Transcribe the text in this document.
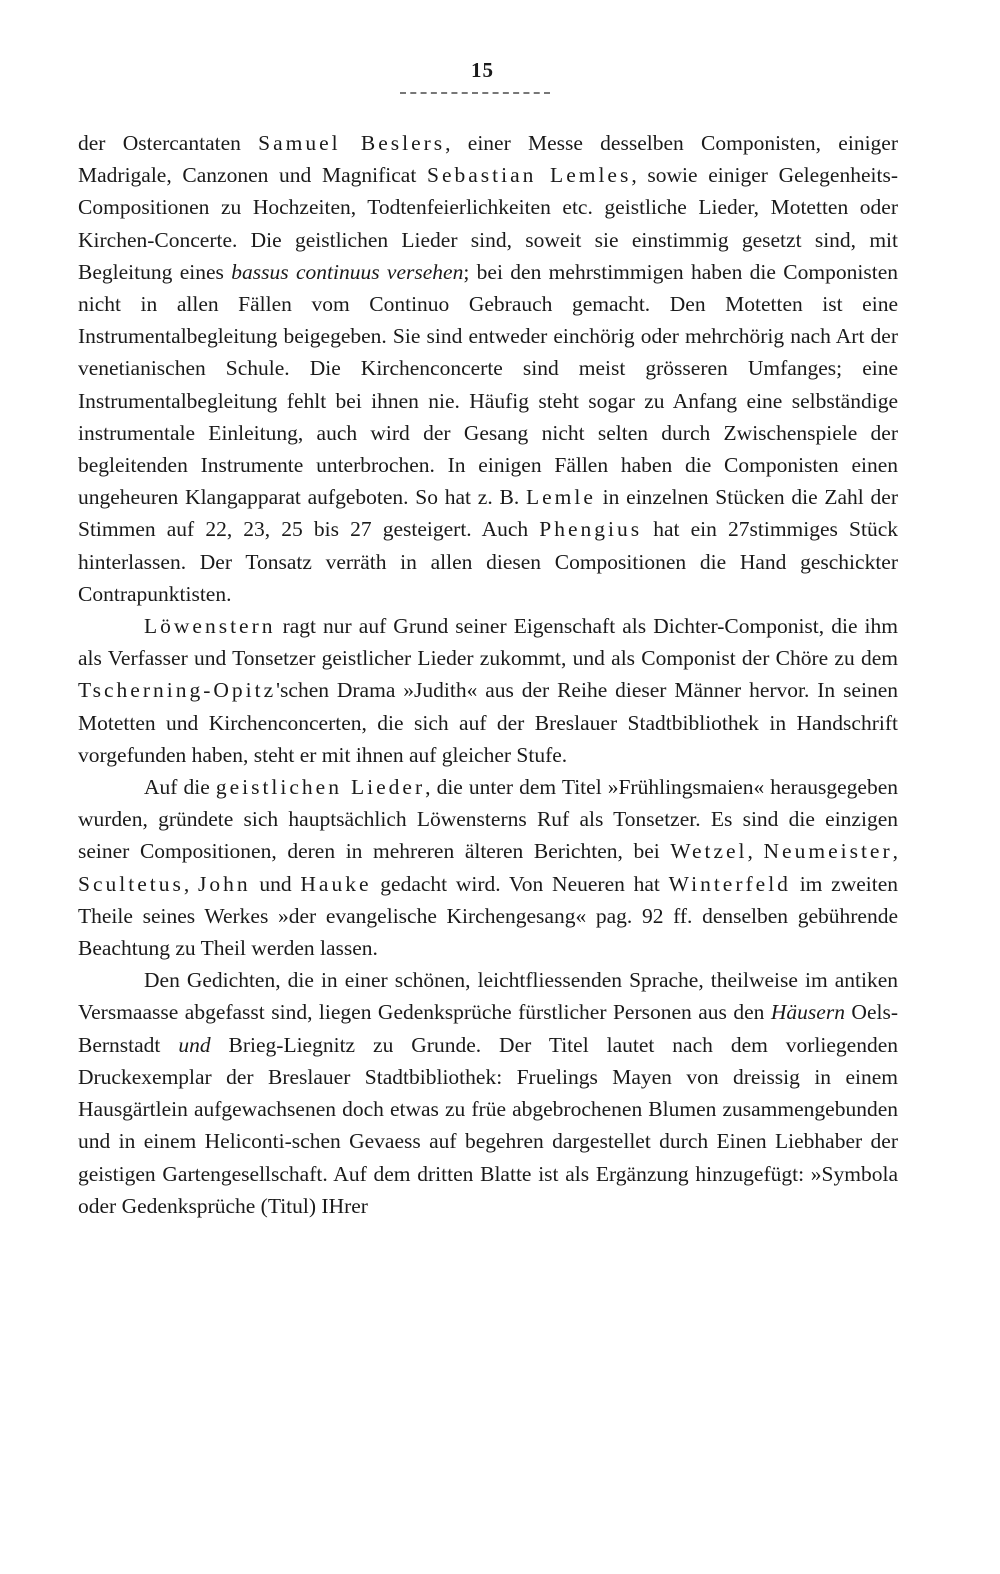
15

der Ostercantaten Samuel Beslers, einer Messe desselben Componisten, einiger Madrigale, Canzonen und Magnificat Sebastian Lemles, sowie einiger Gelegenheits-Compositionen zu Hochzeiten, Todtenfeierlichkeiten etc. geistliche Lieder, Motetten oder Kirchen-Concerte. Die geistlichen Lieder sind, soweit sie einstimmig gesetzt sind, mit Begleitung eines bassus continuus versehen; bei den mehrstimmigen haben die Componisten nicht in allen Fällen vom Continuo Gebrauch gemacht. Den Motetten ist eine Instrumentalbegleitung beigegeben. Sie sind entweder einchörig oder mehrchörig nach Art der venetianischen Schule. Die Kirchenconcerte sind meist grösseren Umfanges; eine Instrumentalbegleitung fehlt bei ihnen nie. Häufig steht sogar zu Anfang eine selbständige instrumentale Einleitung, auch wird der Gesang nicht selten durch Zwischenspiele der begleitenden Instrumente unterbrochen. In einigen Fällen haben die Componisten einen ungeheuren Klangapparat aufgeboten. So hat z. B. Lemle in einzelnen Stücken die Zahl der Stimmen auf 22, 23, 25 bis 27 gesteigert. Auch Phengius hat ein 27stimmiges Stück hinterlassen. Der Tonsatz verräth in allen diesen Compositionen die Hand geschickter Contrapunktisten.

Löwenstern ragt nur auf Grund seiner Eigenschaft als Dichter-Componist, die ihm als Verfasser und Tonsetzer geistlicher Lieder zukommt, und als Componist der Chöre zu dem Tscherning-Opitz'schen Drama »Judith« aus der Reihe dieser Männer hervor. In seinen Motetten und Kirchenconcerten, die sich auf der Breslauer Stadtbibliothek in Handschrift vorgefunden haben, steht er mit ihnen auf gleicher Stufe.

Auf die geistlichen Lieder, die unter dem Titel »Frühlingsmaien« herausgegeben wurden, gründete sich hauptsächlich Löwensterns Ruf als Tonsetzer. Es sind die einzigen seiner Compositionen, deren in mehreren älteren Berichten, bei Wetzel, Neumeister, Scultetus, John und Hauke gedacht wird. Von Neueren hat Winterfeld im zweiten Theile seines Werkes »der evangelische Kirchengesang« pag. 92 ff. denselben gebührende Beachtung zu Theil werden lassen.

Den Gedichten, die in einer schönen, leichtfliessenden Sprache, theilweise im antiken Versmaasse abgefasst sind, liegen Gedenksprüche fürstlicher Personen aus den Häusern Oels-Bernstadt und Brieg-Liegnitz zu Grunde. Der Titel lautet nach dem vorliegenden Druckexemplar der Breslauer Stadtbibliothek: Fruelings Mayen von dreissig in einem Hausgärtlein aufgewachsenen doch etwas zu früe abgebrochenen Blumen zusammengebunden und in einem Heliconti-schen Gevaess auf begehren dargestellet durch Einen Liebhaber der geistigen Gartengesellschaft. Auf dem dritten Blatte ist als Ergänzung hinzugefügt: »Symbola oder Gedenksprüche (Titul) IHrer
